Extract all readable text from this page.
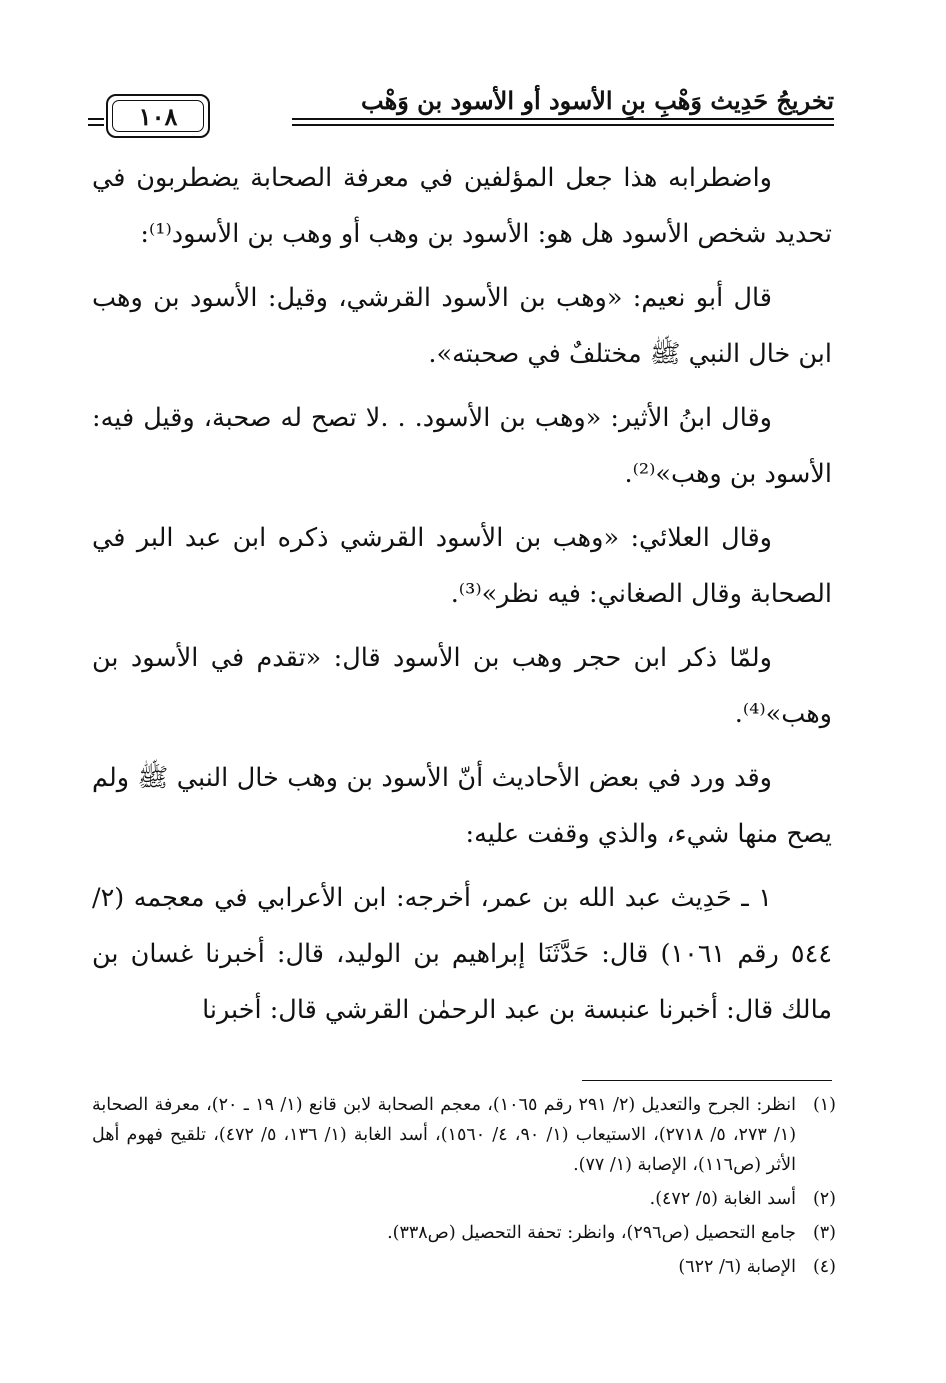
تخريجُ حَدِيث وَهْبِ بنِ الأسود أو الأسود بن وَهْب
١٠٨

واضطرابه هذا جعل المؤلفين في معرفة الصحابة يضطربون في تحديد شخص الأسود هل هو: الأسود بن وهب أو وهب بن الأسود⁽¹⁾:

قال أبو نعيم: «وهب بن الأسود القرشي، وقيل: الأسود بن وهب ابن خال النبي ﷺ مختلفٌ في صحبته».

وقال ابنُ الأثير: «وهب بن الأسود. . .لا تصح له صحبة، وقيل فيه: الأسود بن وهب»⁽²⁾.

وقال العلائي: «وهب بن الأسود القرشي ذكره ابن عبد البر في الصحابة وقال الصغاني: فيه نظر»⁽³⁾.

ولمّا ذكر ابن حجر وهب بن الأسود قال: «تقدم في الأسود بن وهب»⁽⁴⁾.

وقد ورد في بعض الأحاديث أنّ الأسود بن وهب خال النبي ﷺ ولم يصح منها شيء، والذي وقفت عليه:

١ ـ حَدِيث عبد الله بن عمر، أخرجه: ابن الأعرابي في معجمه (٢/ ٥٤٤ رقم ١٠٦١) قال: حَدَّثَنَا إبراهيم بن الوليد، قال: أخبرنا غسان بن مالك قال: أخبرنا عنبسة بن عبد الرحمٰن القرشي قال: أخبرنا

(١)
انظر: الجرح والتعديل (٢/ ٢٩١ رقم ١٠٦٥)، معجم الصحابة لابن قانع (١/ ١٩ ـ ٢٠)، معرفة الصحابة (١/ ٢٧٣، ٥/ ٢٧١٨)، الاستيعاب (١/ ٩٠، ٤/ ١٥٦٠)، أسد الغابة (١/ ١٣٦، ٥/ ٤٧٢)، تلقيح فهوم أهل الأثر (ص١١٦)، الإصابة (١/ ٧٧).
(٢)
أسد الغابة (٥/ ٤٧٢).
(٣)
جامع التحصيل (ص٢٩٦)، وانظر: تحفة التحصيل (ص٣٣٨).
(٤)
الإصابة (٦/ ٦٢٢)
